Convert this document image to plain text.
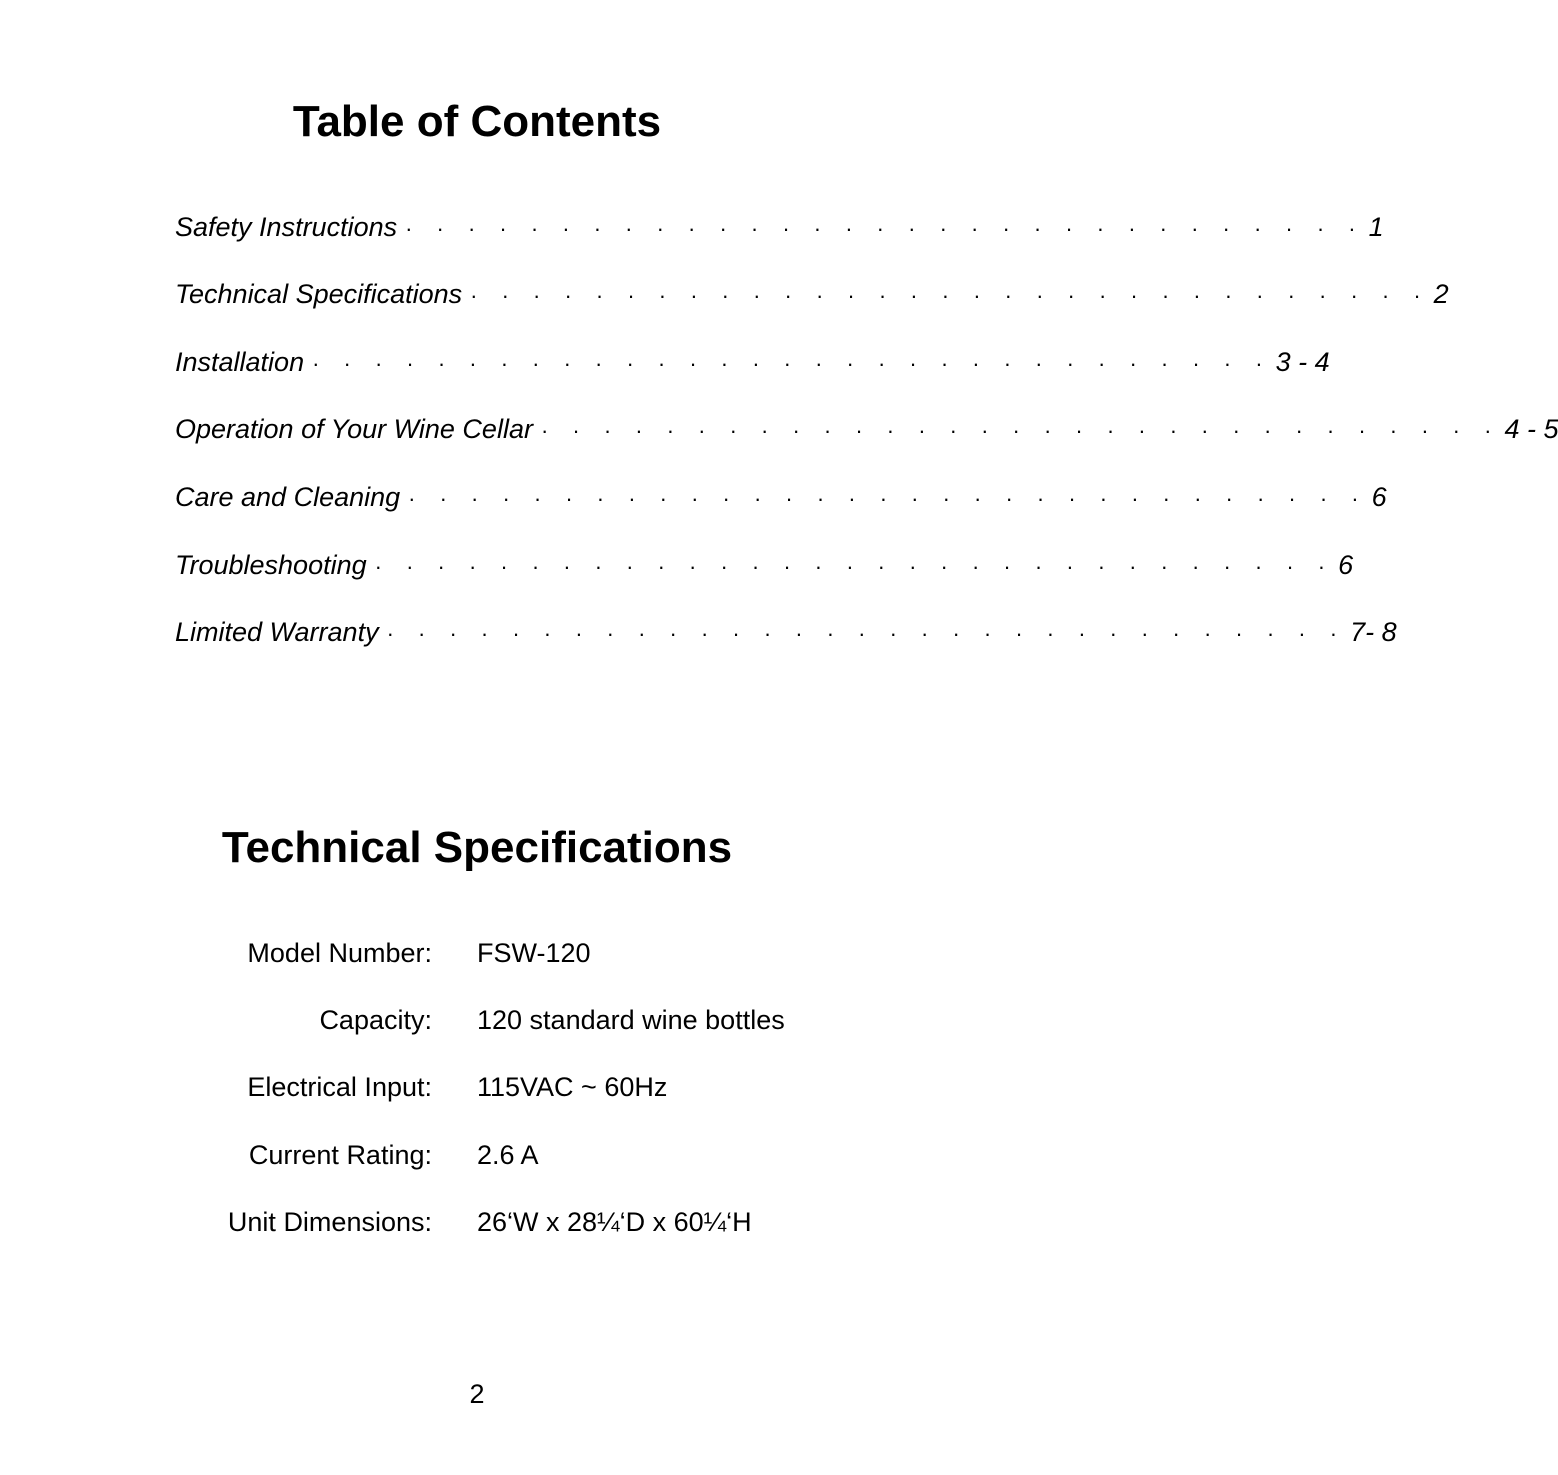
Table of Contents
Safety Instructions · · · · · · · · · · · · · · · · · · · · · · · · · · · · · · · 1
Technical Specifications · · · · · · · · · · · · · · · · · · · · · · · · · · · · · · · 2
Installation · · · · · · · · · · · · · · · · · · · · · · · · · · · · · · · 3 - 4
Operation of Your Wine Cellar · · · · · · · · · · · · · · · · · · · · · · · · · · · · · · · 4 - 5
Care and Cleaning · · · · · · · · · · · · · · · · · · · · · · · · · · · · · · · 6
Troubleshooting · · · · · · · · · · · · · · · · · · · · · · · · · · · · · · · 6
Limited Warranty · · · · · · · · · · · · · · · · · · · · · · · · · · · · · · · 7- 8
Technical Specifications
Model Number: FSW-120
Capacity: 120 standard wine bottles
Electrical Input: 115VAC ~ 60Hz
Current Rating: 2.6 A
Unit Dimensions: 26‘W x 28¼‘D x 60¼‘H
2
